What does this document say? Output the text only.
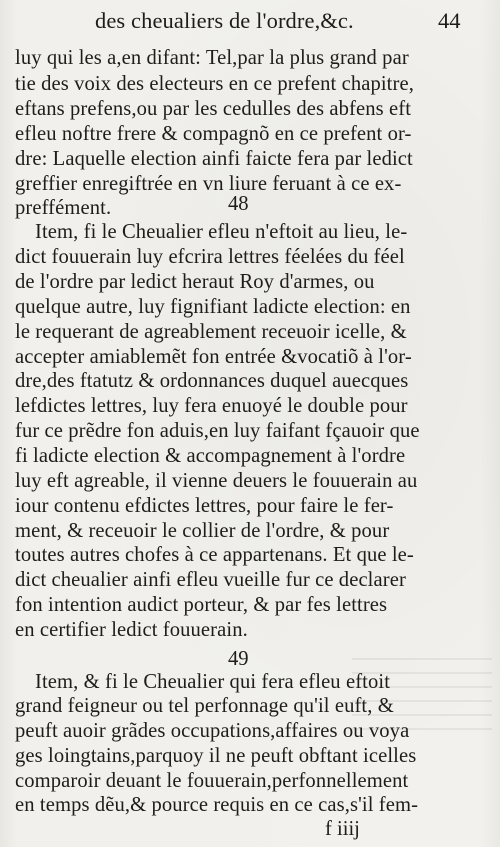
des cheualiers de l'ordre,&c.	44
luy qui les a,en difant: Tel,par la plus grand par
tie des voix des electeurs en ce prefent chapitre,
eftans prefens,ou par les cedulles des abfens eft
efleu noftre frere & compagnõ en ce prefent or-
dre: Laquelle election ainfi faicte fera par ledict
greffier enregiftrée en vn liure feruant à ce ex-
preffément.	48
Item, fi le Cheualier efleu n'eftoit au lieu, le-
dict fouuerain luy efcrira lettres féelées du féel
de l'ordre par ledict heraut Roy d'armes, ou
quelque autre, luy fignifiant ladicte election: en
le requerant de agreablement receuoir icelle, &
accepter amiablemẽt fon entrée &vocatiõ à l'or-
dre,des ftatutz & ordonnances duquel auecques
lefdictes lettres, luy fera enuoyé le double pour
fur ce prẽdre fon aduis,en luy faifant fçauoir que
fi ladicte election & accompagnement à l'ordre
luy eft agreable, il vienne deuers le fouuerain au
iour contenu efdictes lettres, pour faire le fer-
ment, & receuoir le collier de l'ordre, & pour
toutes autres chofes à ce appartenans. Et que le-
dict cheualier ainfi efleu vueille fur ce declarer
fon intention audict porteur, & par fes lettres
en certifier ledict fouuerain.
49
Item, & fi le Cheualier qui fera efleu eftoit
grand feigneur ou tel perfonnage qu'il euft, &
peuft auoir grãdes occupations,affaires ou voya
ges loingtains,parquoy il ne peuft obftant icelles
comparoir deuant le fouuerain,perfonnellement
en temps dẽu,& pource requis en ce cas,s'il fem-
f iiij
